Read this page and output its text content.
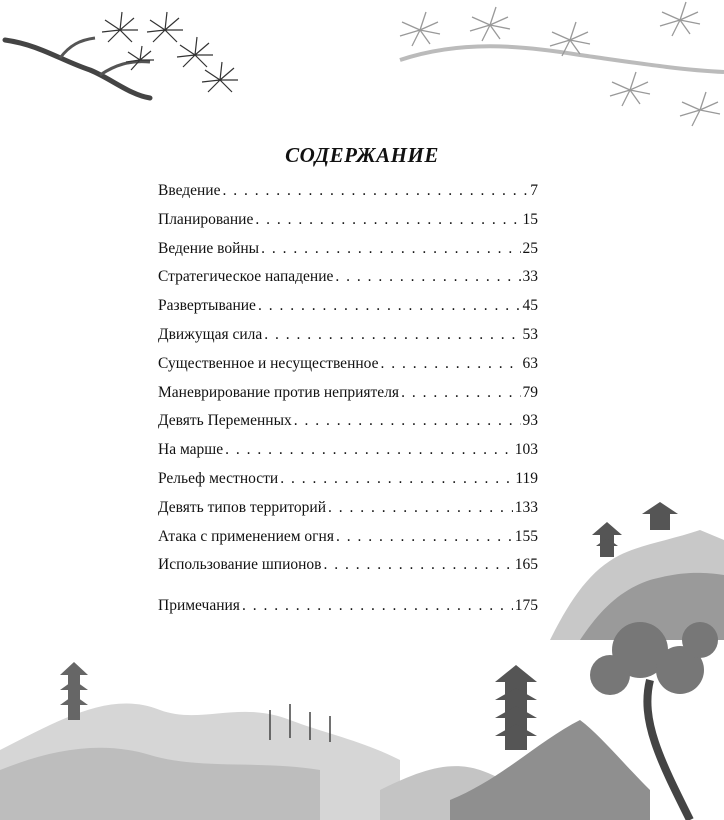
СОДЕРЖАНИЕ
Введение . . .	7
Планирование . . .	15
Ведение войны . . .	25
Стратегическое нападение . . .	33
Развертывание . . .	45
Движущая сила . . .	53
Существенное и несущественное . . .	63
Маневрирование против неприятеля . . .	79
Девять Переменных . . .	93
На марше . . .	103
Рельеф местности . . .	119
Девять типов территорий . . .	133
Атака с применением огня . . .	155
Использование шпионов . . .	165
Примечания . . .	175
